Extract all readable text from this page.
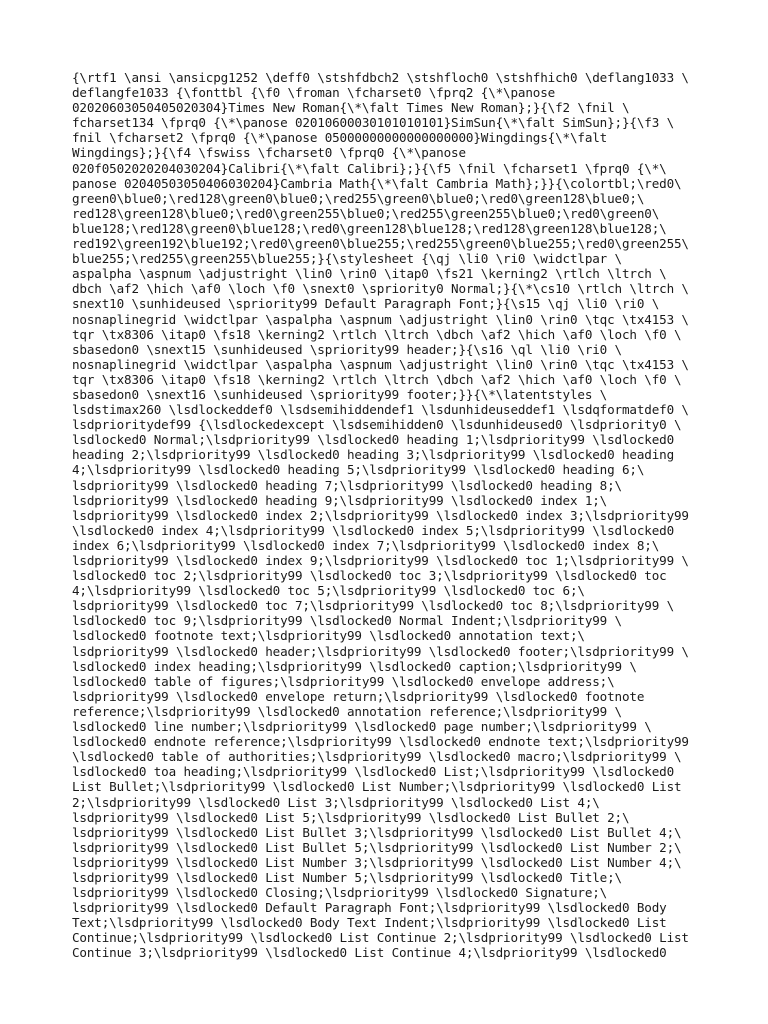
{\rtf1 \ansi \ansicpg1252 \deff0 \stshfdbch2 \stshfloch0 \stshfhich0 \deflang1033 \
deflangfe1033 {\fonttbl {\f0 \froman \fcharset0 \fprq2 {\*\panose
02020603050405020304}Times New Roman{\*\falt Times New Roman};}{\f2 \fnil \
fcharset134 \fprq0 {\*\panose 02010600030101010101}SimSun{\*\falt SimSun};}{\f3 \
fnil \fcharset2 \fprq0 {\*\panose 05000000000000000000}Wingdings{\*\falt
Wingdings};}{\f4 \fswiss \fcharset0 \fprq0 {\*\panose
020f0502020204030204}Calibri{\*\falt Calibri};}{\f5 \fnil \fcharset1 \fprq0 {\*\
panose 02040503050406030204}Cambria Math{\*\falt Cambria Math};}}{\colortbl;\red0\
green0\blue0;\red128\green0\blue0;\red255\green0\blue0;\red0\green128\blue0;\
red128\green128\blue0;\red0\green255\blue0;\red255\green255\blue0;\red0\green0\
blue128;\red128\green0\blue128;\red0\green128\blue128;\red128\green128\blue128;\
red192\green192\blue192;\red0\green0\blue255;\red255\green0\blue255;\red0\green255\
blue255;\red255\green255\blue255;}{\stylesheet {\qj \li0 \ri0 \widctlpar \
aspalpha \aspnum \adjustright \lin0 \rin0 \itap0 \fs21 \kerning2 \rtlch \ltrch \
dbch \af2 \hich \af0 \loch \f0 \snext0 \spriority0 Normal;}{\*\cs10 \rtlch \ltrch \
snext10 \sunhideused \spriority99 Default Paragraph Font;}{\s15 \qj \li0 \ri0 \
nosnaplinegrid \widctlpar \aspalpha \aspnum \adjustright \lin0 \rin0 \tqc \tx4153 \
tqr \tx8306 \itap0 \fs18 \kerning2 \rtlch \ltrch \dbch \af2 \hich \af0 \loch \f0 \
sbasedon0 \snext15 \sunhideused \spriority99 header;}{\s16 \ql \li0 \ri0 \
nosnaplinegrid \widctlpar \aspalpha \aspnum \adjustright \lin0 \rin0 \tqc \tx4153 \
tqr \tx8306 \itap0 \fs18 \kerning2 \rtlch \ltrch \dbch \af2 \hich \af0 \loch \f0 \
sbasedon0 \snext16 \sunhideused \spriority99 footer;}}{\*\latentstyles \
lsdstimax260 \lsdlockeddef0 \lsdsemihiddendef1 \lsdunhideuseddef1 \lsdqformatdef0 \
lsdprioritydef99 {\lsdlockedexcept \lsdsemihidden0 \lsdunhideused0 \lsdpriority0 \
lsdlocked0 Normal;\lsdpriority99 \lsdlocked0 heading 1;\lsdpriority99 \lsdlocked0
heading 2;\lsdpriority99 \lsdlocked0 heading 3;\lsdpriority99 \lsdlocked0 heading
4;\lsdpriority99 \lsdlocked0 heading 5;\lsdpriority99 \lsdlocked0 heading 6;\
lsdpriority99 \lsdlocked0 heading 7;\lsdpriority99 \lsdlocked0 heading 8;\
lsdpriority99 \lsdlocked0 heading 9;\lsdpriority99 \lsdlocked0 index 1;\
lsdpriority99 \lsdlocked0 index 2;\lsdpriority99 \lsdlocked0 index 3;\lsdpriority99
\lsdlocked0 index 4;\lsdpriority99 \lsdlocked0 index 5;\lsdpriority99 \lsdlocked0
index 6;\lsdpriority99 \lsdlocked0 index 7;\lsdpriority99 \lsdlocked0 index 8;\
lsdpriority99 \lsdlocked0 index 9;\lsdpriority99 \lsdlocked0 toc 1;\lsdpriority99 \
lsdlocked0 toc 2;\lsdpriority99 \lsdlocked0 toc 3;\lsdpriority99 \lsdlocked0 toc
4;\lsdpriority99 \lsdlocked0 toc 5;\lsdpriority99 \lsdlocked0 toc 6;\
lsdpriority99 \lsdlocked0 toc 7;\lsdpriority99 \lsdlocked0 toc 8;\lsdpriority99 \
lsdlocked0 toc 9;\lsdpriority99 \lsdlocked0 Normal Indent;\lsdpriority99 \
lsdlocked0 footnote text;\lsdpriority99 \lsdlocked0 annotation text;\
lsdpriority99 \lsdlocked0 header;\lsdpriority99 \lsdlocked0 footer;\lsdpriority99 \
lsdlocked0 index heading;\lsdpriority99 \lsdlocked0 caption;\lsdpriority99 \
lsdlocked0 table of figures;\lsdpriority99 \lsdlocked0 envelope address;\
lsdpriority99 \lsdlocked0 envelope return;\lsdpriority99 \lsdlocked0 footnote
reference;\lsdpriority99 \lsdlocked0 annotation reference;\lsdpriority99 \
lsdlocked0 line number;\lsdpriority99 \lsdlocked0 page number;\lsdpriority99 \
lsdlocked0 endnote reference;\lsdpriority99 \lsdlocked0 endnote text;\lsdpriority99
\lsdlocked0 table of authorities;\lsdpriority99 \lsdlocked0 macro;\lsdpriority99 \
lsdlocked0 toa heading;\lsdpriority99 \lsdlocked0 List;\lsdpriority99 \lsdlocked0
List Bullet;\lsdpriority99 \lsdlocked0 List Number;\lsdpriority99 \lsdlocked0 List
2;\lsdpriority99 \lsdlocked0 List 3;\lsdpriority99 \lsdlocked0 List 4;\
lsdpriority99 \lsdlocked0 List 5;\lsdpriority99 \lsdlocked0 List Bullet 2;\
lsdpriority99 \lsdlocked0 List Bullet 3;\lsdpriority99 \lsdlocked0 List Bullet 4;\
lsdpriority99 \lsdlocked0 List Bullet 5;\lsdpriority99 \lsdlocked0 List Number 2;\
lsdpriority99 \lsdlocked0 List Number 3;\lsdpriority99 \lsdlocked0 List Number 4;\
lsdpriority99 \lsdlocked0 List Number 5;\lsdpriority99 \lsdlocked0 Title;\
lsdpriority99 \lsdlocked0 Closing;\lsdpriority99 \lsdlocked0 Signature;\
lsdpriority99 \lsdlocked0 Default Paragraph Font;\lsdpriority99 \lsdlocked0 Body
Text;\lsdpriority99 \lsdlocked0 Body Text Indent;\lsdpriority99 \lsdlocked0 List
Continue;\lsdpriority99 \lsdlocked0 List Continue 2;\lsdpriority99 \lsdlocked0 List
Continue 3;\lsdpriority99 \lsdlocked0 List Continue 4;\lsdpriority99 \lsdlocked0
